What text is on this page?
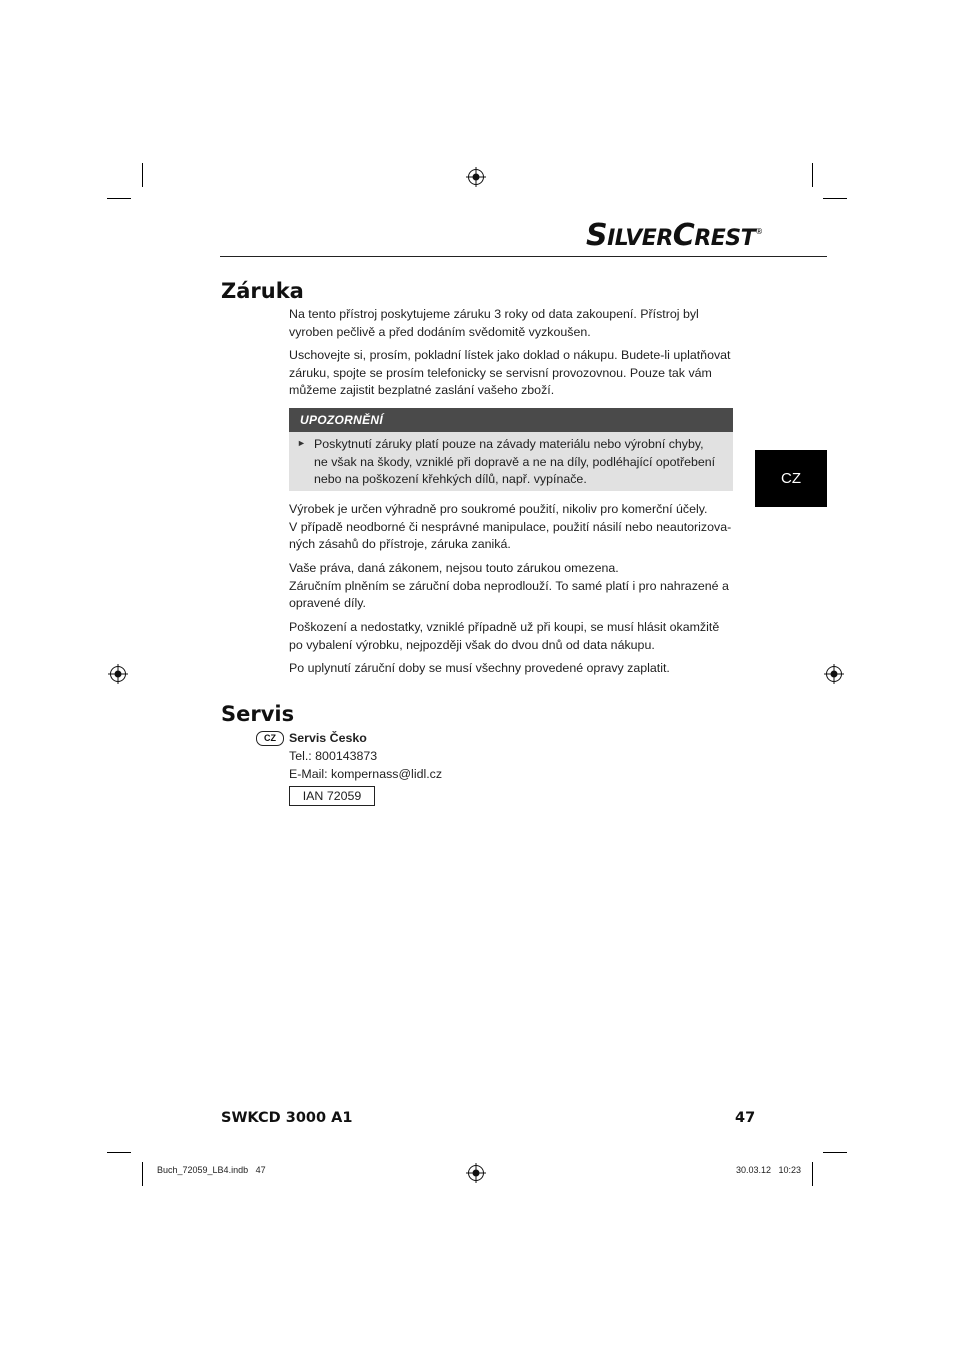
SILVERCREST®
Záruka

Na tento přístroj poskytujeme záruku 3 roky od data zakoupení. Přístroj byl
vyroben pečlivě a před dodáním svědomitě vyzkoušen.

Uschovejte si, prosím, pokladní lístek jako doklad o nákupu. Budete-li uplatňovat
záruku, spojte se prosím telefonicky se servisní provozovnou. Pouze tak vám
můžeme zajistit bezplatné zaslání vašeho zboží.

UPOZORNĚNÍ
► Poskytnutí záruky platí pouze na závady materiálu nebo výrobní chyby,
ne však na škody, vzniklé při dopravě a ne na díly, podléhající opotřebení
nebo na poškození křehkých dílů, např. vypínače.	CZ

Výrobek je určen výhradně pro soukromé použití, nikoliv pro komerční účely.
V případě neodborné či nesprávné manipulace, použití násilí nebo neautorizova-
ných zásahů do přístroje, záruka zaniká.

Vaše práva, daná zákonem, nejsou touto zárukou omezena.
Záručním plněním se záruční doba neprodlouží. To samé platí i pro nahrazené a
opravené díly.

Poškození a nedostatky, vzniklé případně už při koupi, se musí hlásit okamžitě
po vybalení výrobku, nejpozději však do dvou dnů od data nákupu.

Po uplynutí záruční doby se musí všechny provedené opravy zaplatit.

Servis
CZ	Servis Česko
Tel.: 800143873
E-Mail: kompernass@lidl.cz
IAN 72059
SWKCD 3000 A1	47
Buch_72059_LB4.indb   47	30.03.12   10:23
